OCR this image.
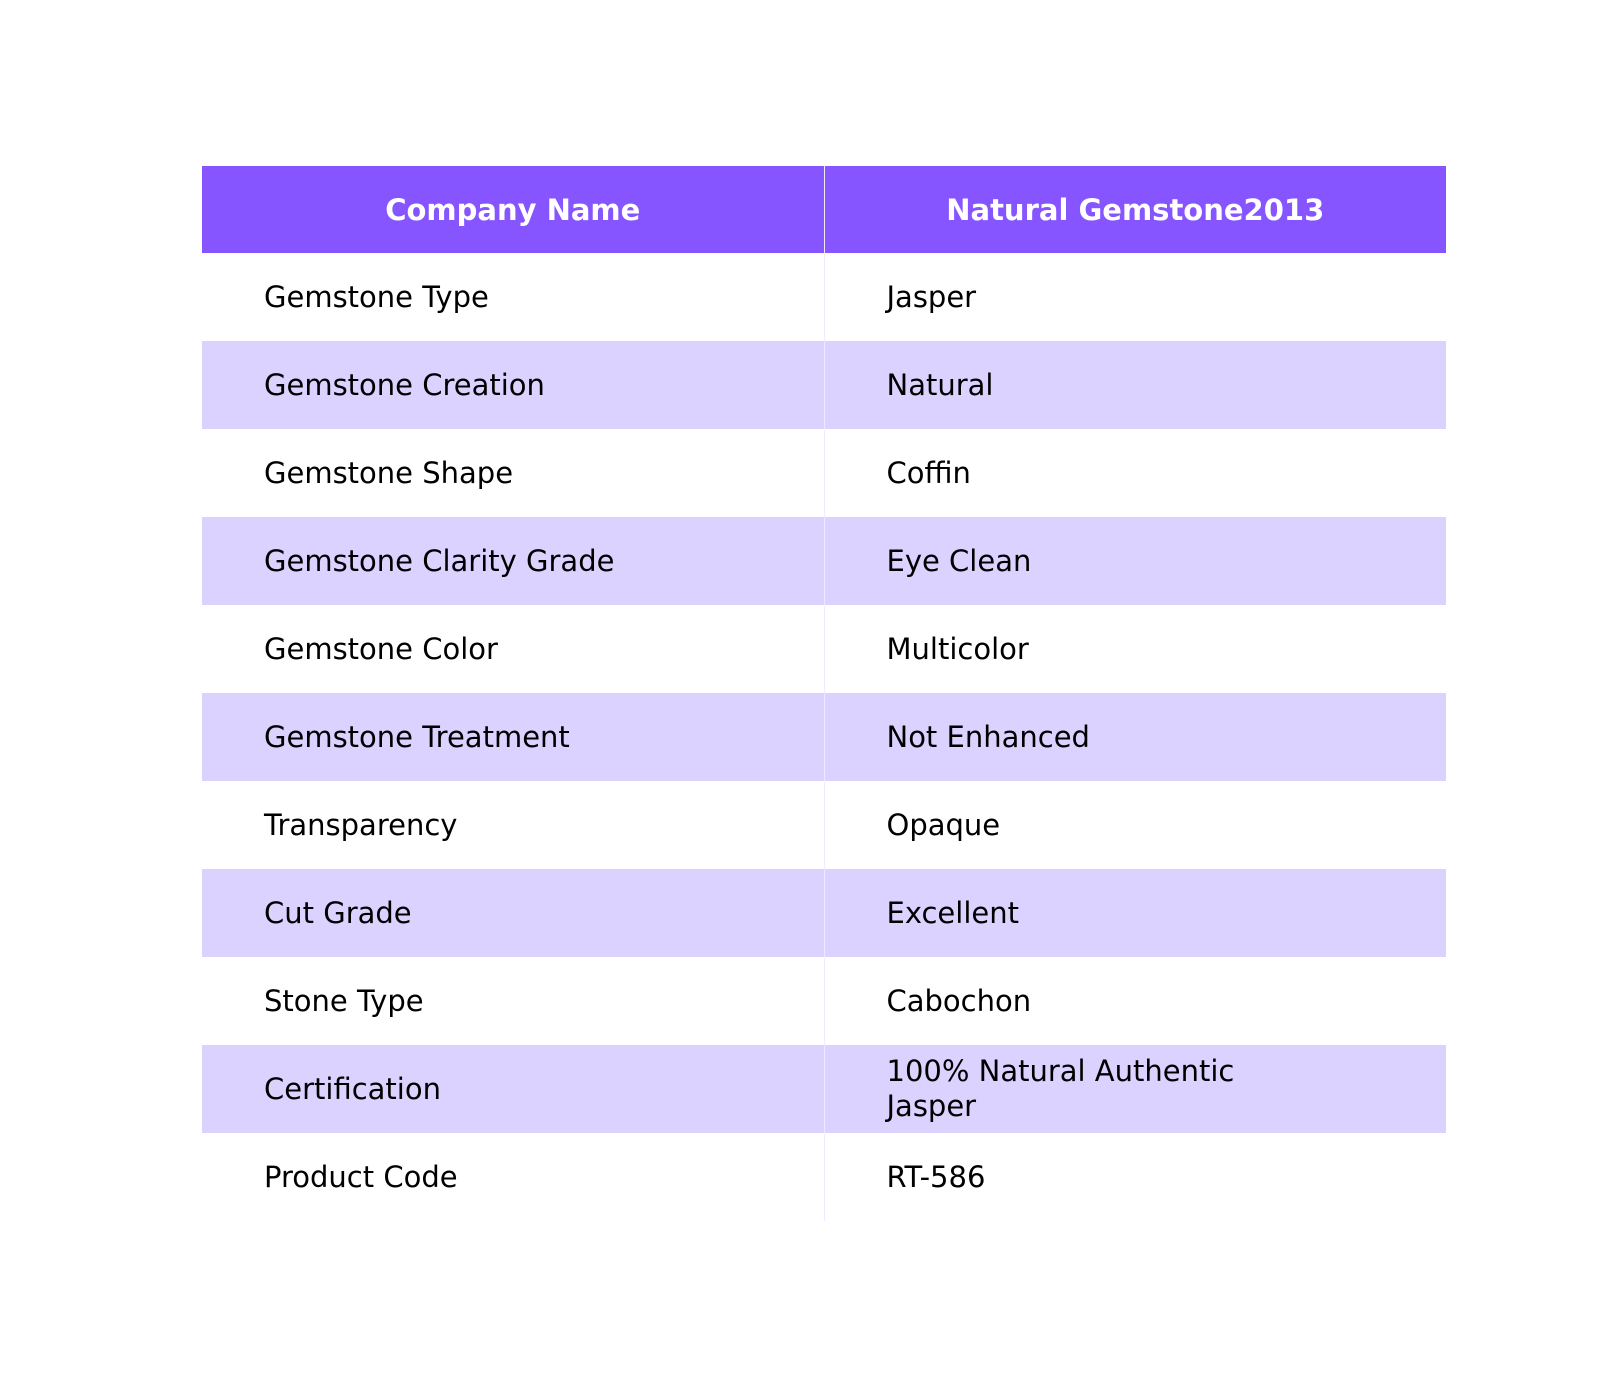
Company Name	Natural Gemstone2013
Gemstone Type	Jasper
Gemstone Creation	Natural
Gemstone Shape	Coffin
Gemstone Clarity Grade	Eye Clean
Gemstone Color	Multicolor
Gemstone Treatment	Not Enhanced
Transparency	Opaque
Cut Grade	Excellent
Stone Type	Cabochon
Certification	100% Natural Authentic Jasper
Product Code	RT-586
